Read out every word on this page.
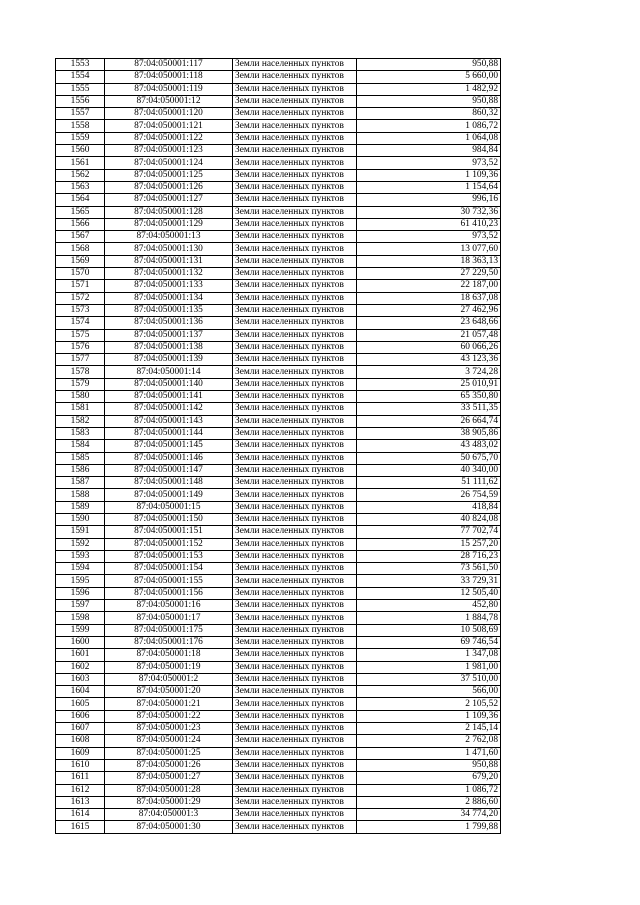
1553	87:04:050001:117	Земли населенных пунктов	950,88
1554	87:04:050001:118	Земли населенных пунктов	5 660,00
1555	87:04:050001:119	Земли населенных пунктов	1 482,92
1556	87:04:050001:12	Земли населенных пунктов	950,88
1557	87:04:050001:120	Земли населенных пунктов	860,32
1558	87:04:050001:121	Земли населенных пунктов	1 086,72
1559	87:04:050001:122	Земли населенных пунктов	1 064,08
1560	87:04:050001:123	Земли населенных пунктов	984,84
1561	87:04:050001:124	Земли населенных пунктов	973,52
1562	87:04:050001:125	Земли населенных пунктов	1 109,36
1563	87:04:050001:126	Земли населенных пунктов	1 154,64
1564	87:04:050001:127	Земли населенных пунктов	996,16
1565	87:04:050001:128	Земли населенных пунктов	30 732,36
1566	87:04:050001:129	Земли населенных пунктов	61 410,23
1567	87:04:050001:13	Земли населенных пунктов	973,52
1568	87:04:050001:130	Земли населенных пунктов	13 077,60
1569	87:04:050001:131	Земли населенных пунктов	18 363,13
1570	87:04:050001:132	Земли населенных пунктов	27 229,50
1571	87:04:050001:133	Земли населенных пунктов	22 187,00
1572	87:04:050001:134	Земли населенных пунктов	18 637,08
1573	87:04:050001:135	Земли населенных пунктов	27 462,96
1574	87:04:050001:136	Земли населенных пунктов	23 648,66
1575	87:04:050001:137	Земли населенных пунктов	21 057,48
1576	87:04:050001:138	Земли населенных пунктов	60 066,26
1577	87:04:050001:139	Земли населенных пунктов	43 123,36
1578	87:04:050001:14	Земли населенных пунктов	3 724,28
1579	87:04:050001:140	Земли населенных пунктов	25 010,91
1580	87:04:050001:141	Земли населенных пунктов	65 350,80
1581	87:04:050001:142	Земли населенных пунктов	33 511,35
1582	87:04:050001:143	Земли населенных пунктов	26 664,74
1583	87:04:050001:144	Земли населенных пунктов	38 905,86
1584	87:04:050001:145	Земли населенных пунктов	43 483,02
1585	87:04:050001:146	Земли населенных пунктов	50 675,70
1586	87:04:050001:147	Земли населенных пунктов	40 340,00
1587	87:04:050001:148	Земли населенных пунктов	51 111,62
1588	87:04:050001:149	Земли населенных пунктов	26 754,59
1589	87:04:050001:15	Земли населенных пунктов	418,84
1590	87:04:050001:150	Земли населенных пунктов	40 824,08
1591	87:04:050001:151	Земли населенных пунктов	77 702,74
1592	87:04:050001:152	Земли населенных пунктов	15 257,20
1593	87:04:050001:153	Земли населенных пунктов	28 716,23
1594	87:04:050001:154	Земли населенных пунктов	73 561,50
1595	87:04:050001:155	Земли населенных пунктов	33 729,31
1596	87:04:050001:156	Земли населенных пунктов	12 505,40
1597	87:04:050001:16	Земли населенных пунктов	452,80
1598	87:04:050001:17	Земли населенных пунктов	1 884,78
1599	87:04:050001:175	Земли населенных пунктов	10 508,69
1600	87:04:050001:176	Земли населенных пунктов	69 746,54
1601	87:04:050001:18	Земли населенных пунктов	1 347,08
1602	87:04:050001:19	Земли населенных пунктов	1 981,00
1603	87:04:050001:2	Земли населенных пунктов	37 510,00
1604	87:04:050001:20	Земли населенных пунктов	566,00
1605	87:04:050001:21	Земли населенных пунктов	2 105,52
1606	87:04:050001:22	Земли населенных пунктов	1 109,36
1607	87:04:050001:23	Земли населенных пунктов	2 145,14
1608	87:04:050001:24	Земли населенных пунктов	2 762,08
1609	87:04:050001:25	Земли населенных пунктов	1 471,60
1610	87:04:050001:26	Земли населенных пунктов	950,88
1611	87:04:050001:27	Земли населенных пунктов	679,20
1612	87:04:050001:28	Земли населенных пунктов	1 086,72
1613	87:04:050001:29	Земли населенных пунктов	2 886,60
1614	87:04:050001:3	Земли населенных пунктов	34 774,20
1615	87:04:050001:30	Земли населенных пунктов	1 799,88
